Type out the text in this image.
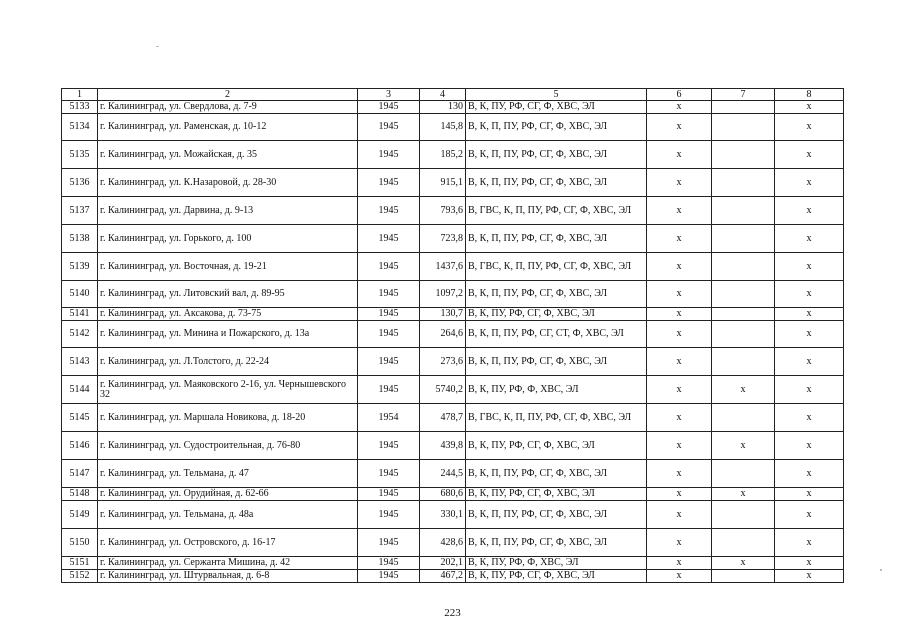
1	2	3	4	5	6	7	8
5133	г. Калининград, ул. Свердлова, д. 7-9	1945	130	В, К, ПУ, РФ, СГ, Ф, ХВС, ЭЛ	x		x
5134	г. Калининград, ул. Раменская, д. 10-12	1945	145,8	В, К, П, ПУ, РФ, СГ, Ф, ХВС, ЭЛ	x		x
5135	г. Калининград, ул. Можайская, д. 35	1945	185,2	В, К, П, ПУ, РФ, СГ, Ф, ХВС, ЭЛ	x		x
5136	г. Калининград, ул. К.Назаровой, д. 28-30	1945	915,1	В, К, П, ПУ, РФ, СГ, Ф, ХВС, ЭЛ	x		x
5137	г. Калининград, ул. Дарвина, д. 9-13	1945	793,6	В, ГВС, К, П, ПУ, РФ, СГ, Ф, ХВС, ЭЛ	x		x
5138	г. Калининград, ул. Горького, д. 100	1945	723,8	В, К, П, ПУ, РФ, СГ, Ф, ХВС, ЭЛ	x		x
5139	г. Калининград, ул. Восточная, д. 19-21	1945	1437,6	В, ГВС, К, П, ПУ, РФ, СГ, Ф, ХВС, ЭЛ	x		x
5140	г. Калининград, ул. Литовский вал, д. 89-95	1945	1097,2	В, К, П, ПУ, РФ, СГ, Ф, ХВС, ЭЛ	x		x
5141	г. Калининград, ул. Аксакова, д. 73-75	1945	130,7	В, К, ПУ, РФ, СГ, Ф, ХВС, ЭЛ	x		x
5142	г. Калининград, ул. Минина и Пожарского, д. 13а	1945	264,6	В, К, П, ПУ, РФ, СГ, СТ, Ф, ХВС, ЭЛ	x		x
5143	г. Калининград, ул. Л.Толстого, д. 22-24	1945	273,6	В, К, П, ПУ, РФ, СГ, Ф, ХВС, ЭЛ	x		x
5144	г. Калининград, ул. Маяковского 2-16, ул. Чернышевского 32	1945	5740,2	В, К, ПУ, РФ, Ф, ХВС, ЭЛ	x	x	x
5145	г. Калининград, ул. Маршала Новикова, д. 18-20	1954	478,7	В, ГВС, К, П, ПУ, РФ, СГ, Ф, ХВС, ЭЛ	x		x
5146	г. Калининград, ул. Судостроительная, д. 76-80	1945	439,8	В, К, ПУ, РФ, СГ, Ф, ХВС, ЭЛ	x	x	x
5147	г. Калининград, ул. Тельмана, д. 47	1945	244,5	В, К, П, ПУ, РФ, СГ, Ф, ХВС, ЭЛ	x		x
5148	г. Калининград, ул. Орудийная, д. 62-66	1945	680,6	В, К, ПУ, РФ, СГ, Ф, ХВС, ЭЛ	x	x	x
5149	г. Калининград, ул. Тельмана, д. 48а	1945	330,1	В, К, П, ПУ, РФ, СГ, Ф, ХВС, ЭЛ	x		x
5150	г. Калининград, ул. Островского, д. 16-17	1945	428,6	В, К, П, ПУ, РФ, СГ, Ф, ХВС, ЭЛ	x		x
5151	г. Калининград, ул. Сержанта Мишина, д. 42	1945	202,1	В, К, ПУ, РФ, Ф, ХВС, ЭЛ	x	x	x
5152	г. Калининград, ул. Штурвальная, д. 6-8	1945	467,2	В, К, ПУ, РФ, СГ, Ф, ХВС, ЭЛ	x		x
223
